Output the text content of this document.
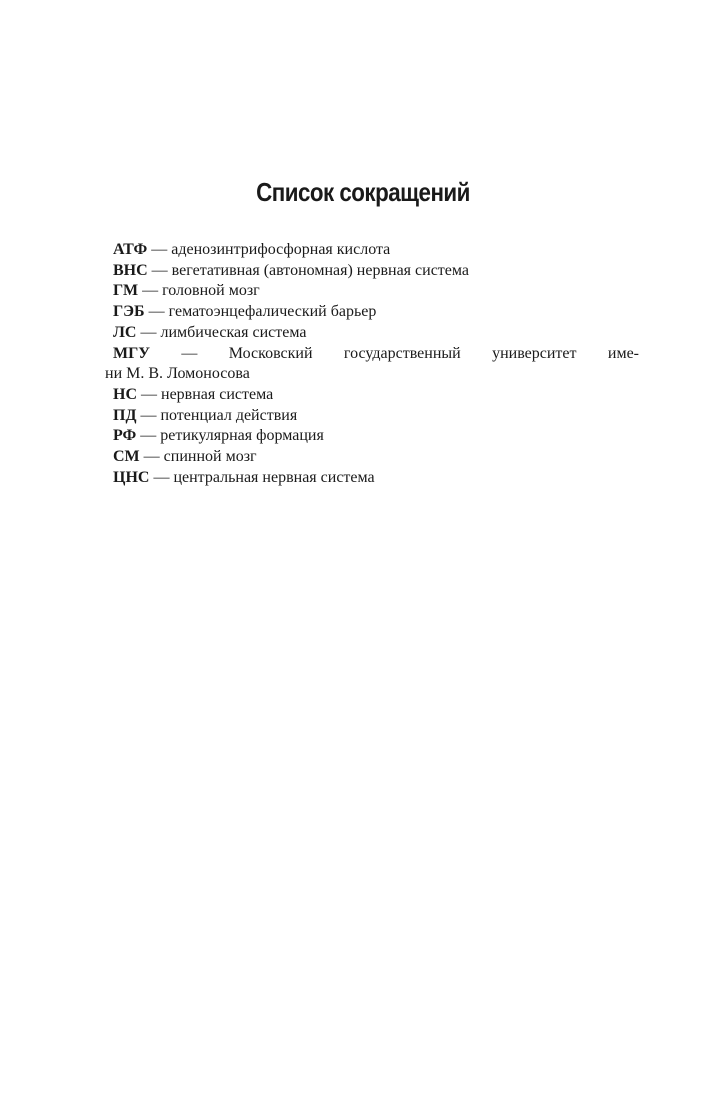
Список сокращений
АТФ — аденозинтрифосфорная кислота
ВНС — вегетативная (автономная) нервная система
ГМ — головной мозг
ГЭБ — гематоэнцефалический барьер
ЛС — лимбическая система
МГУ — Московский государственный университет име-
ни М. В. Ломоносова
НС — нервная система
ПД — потенциал действия
РФ — ретикулярная формация
СМ — спинной мозг
ЦНС — центральная нервная система
